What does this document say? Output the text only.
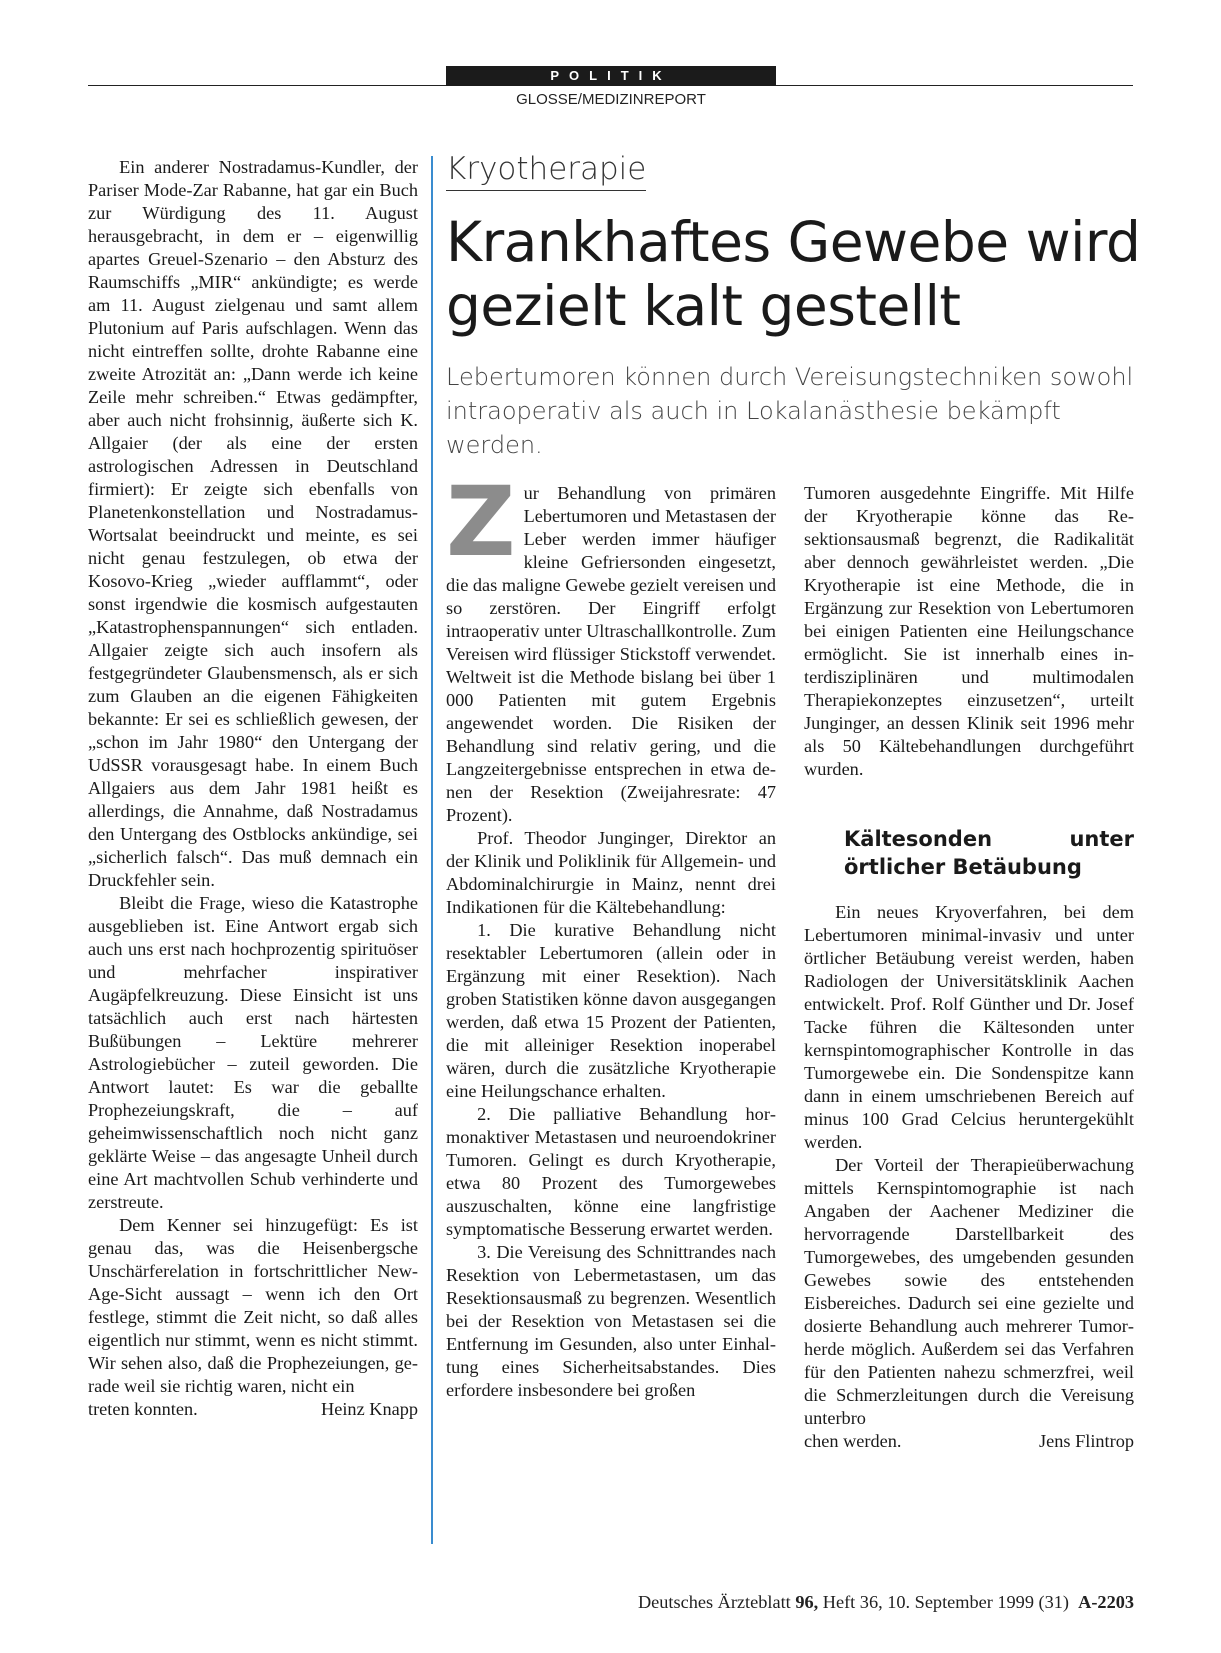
POLITIK
GLOSSE/MEDIZINREPORT

Ein anderer Nostradamus-Kundler, der Pariser Mode-Zar Rabanne, hat gar ein Buch zur Würdigung des 11. August herausgebracht, in dem er – eigenwillig apartes Greuel-Szenario – den Absturz des Raumschiffs „MIR“ ankündigte; es werde am 11. August zielgenau und samt allem Plutonium auf Paris aufschlagen. Wenn das nicht eintreffen sollte, drohte Rabanne eine zweite Atrozität an: „Dann werde ich keine Zeile mehr schreiben.“ Etwas gedämpfter, aber auch nicht frohsinnig, äußerte sich K. Allgaier (der als eine der ersten astrologischen Adressen in Deutschland firmiert): Er zeigte sich ebenfalls von Planetenkonstellation und Nostradamus-Wortsalat beeindruckt und meinte, es sei nicht genau festzulegen, ob etwa der Kosovo-Krieg „wieder aufflammt“, oder sonst irgendwie die kosmisch aufgestauten „Katastrophenspannungen“ sich entladen. Allgaier zeigte sich auch insofern als festgegründeter Glaubensmensch, als er sich zum Glauben an die eigenen Fähigkeiten bekannte: Er sei es schließlich gewesen, der „schon im Jahr 1980“ den Untergang der UdSSR vorausgesagt habe. In einem Buch Allgaiers aus dem Jahr 1981 heißt es allerdings, die Annahme, daß Nostradamus den Untergang des Ostblocks ankündige, sei „sicherlich falsch“. Das muß demnach ein Druckfehler sein.

Bleibt die Frage, wieso die Katastrophe ausgeblieben ist. Eine Antwort ergab sich auch uns erst nach hochprozentig spirituöser und mehrfacher inspirativer Augäpfelkreuzung. Diese Einsicht ist uns tatsächlich auch erst nach härtesten Bußübungen – Lektüre mehrerer Astrologiebücher – zuteil geworden. Die Antwort lautet: Es war die geballte Prophezeiungskraft, die – auf geheimwissenschaftlich noch nicht ganz geklärte Weise – das angesagte Unheil durch eine Art machtvollen Schub verhinderte und zerstreute.

Dem Kenner sei hinzugefügt: Es ist genau das, was die Heisenbergsche Unschärferelation in fortschrittlicher New-Age-Sicht aussagt – wenn ich den Ort festlege, stimmt die Zeit nicht, so daß alles eigentlich nur stimmt, wenn es nicht stimmt. Wir sehen also, daß die Prophezeiungen, gerade weil sie richtig waren, nicht ein

treten konnten.	Heinz Knapp
Kryotherapie
Krankhaftes Gewebe wird gezielt kalt gestellt
Lebertumoren können durch Vereisungstechniken sowohl intraoperativ als auch in Lokalanästhesie bekämpft werden.

Zur Behandlung von primären Lebertumoren und Metastasen der Leber werden immer häufiger kleine Gefriersonden eingesetzt, die das maligne Gewebe gezielt vereisen und so zerstören. Der Eingriff erfolgt intraoperativ unter Ultraschallkontrolle. Zum Vereisen wird flüssiger Stickstoff verwendet. Weltweit ist die Methode bislang bei über 1 000 Patienten mit gutem Ergebnis angewendet worden. Die Risiken der Behandlung sind relativ gering, und die Langzeitergebnisse entsprechen in etwa denen der Resektion (Zweijahresrate: 47 Prozent).

Prof. Theodor Junginger, Direktor an der Klinik und Poliklinik für Allgemein- und Abdominalchirurgie in Mainz, nennt drei Indikationen für die Kältebehandlung:

1. Die kurative Behandlung nicht resektabler Lebertumoren (allein oder in Ergänzung mit einer Resektion). Nach groben Statistiken könne davon ausgegangen werden, daß etwa 15 Prozent der Patienten, die mit alleiniger Resektion inoperabel wären, durch die zusätzliche Kryotherapie eine Heilungschance erhalten.

2. Die palliative Behandlung hormonaktiver Metastasen und neuroendokriner Tumoren. Gelingt es durch Kryotherapie, etwa 80 Prozent des Tumorgewebes auszuschalten, könne eine langfristige symptomatische Besserung erwartet werden.

3. Die Vereisung des Schnittrandes nach Resektion von Lebermetastasen, um das Resektionsausmaß zu begrenzen. Wesentlich bei der Resektion von Metastasen sei die Entfernung im Gesunden, also unter Einhaltung eines Sicherheitsabstandes. Dies erfordere insbesondere bei großen

Tumoren ausgedehnte Eingriffe. Mit Hilfe der Kryotherapie könne das Resektionsausmaß begrenzt, die Radikalität aber dennoch gewährleistet werden. „Die Kryotherapie ist eine Methode, die in Ergänzung zur Resektion von Lebertumoren bei einigen Patienten eine Heilungschance ermöglicht. Sie ist innerhalb eines interdisziplinären und multimodalen Therapiekonzeptes einzusetzen“, urteilt Junginger, an dessen Klinik seit 1996 mehr als 50 Kältebehandlungen durchgeführt wurden.

Kältesonden unter örtlicher Betäubung

Ein neues Kryoverfahren, bei dem Lebertumoren minimal-invasiv und unter örtlicher Betäubung vereist werden, haben Radiologen der Universitätsklinik Aachen entwickelt. Prof. Rolf Günther und Dr. Josef Tacke führen die Kältesonden unter kernspintomographischer Kontrolle in das Tumorgewebe ein. Die Sondenspitze kann dann in einem umschriebenen Bereich auf minus 100 Grad Celcius heruntergekühlt werden.

Der Vorteil der Therapieüberwachung mittels Kernspintomographie ist nach Angaben der Aachener Mediziner die hervorragende Darstellbarkeit des Tumorgewebes, des umgebenden gesunden Gewebes sowie des entstehenden Eisbereiches. Dadurch sei eine gezielte und dosierte Behandlung auch mehrerer Tumorherde möglich. Außerdem sei das Verfahren für den Patienten nahezu schmerzfrei, weil die Schmerzleitungen durch die Vereisung unterbro

chen werden.	Jens Flintrop
Deutsches Ärzteblatt 96, Heft 36, 10. September 1999 (31) A-2203
